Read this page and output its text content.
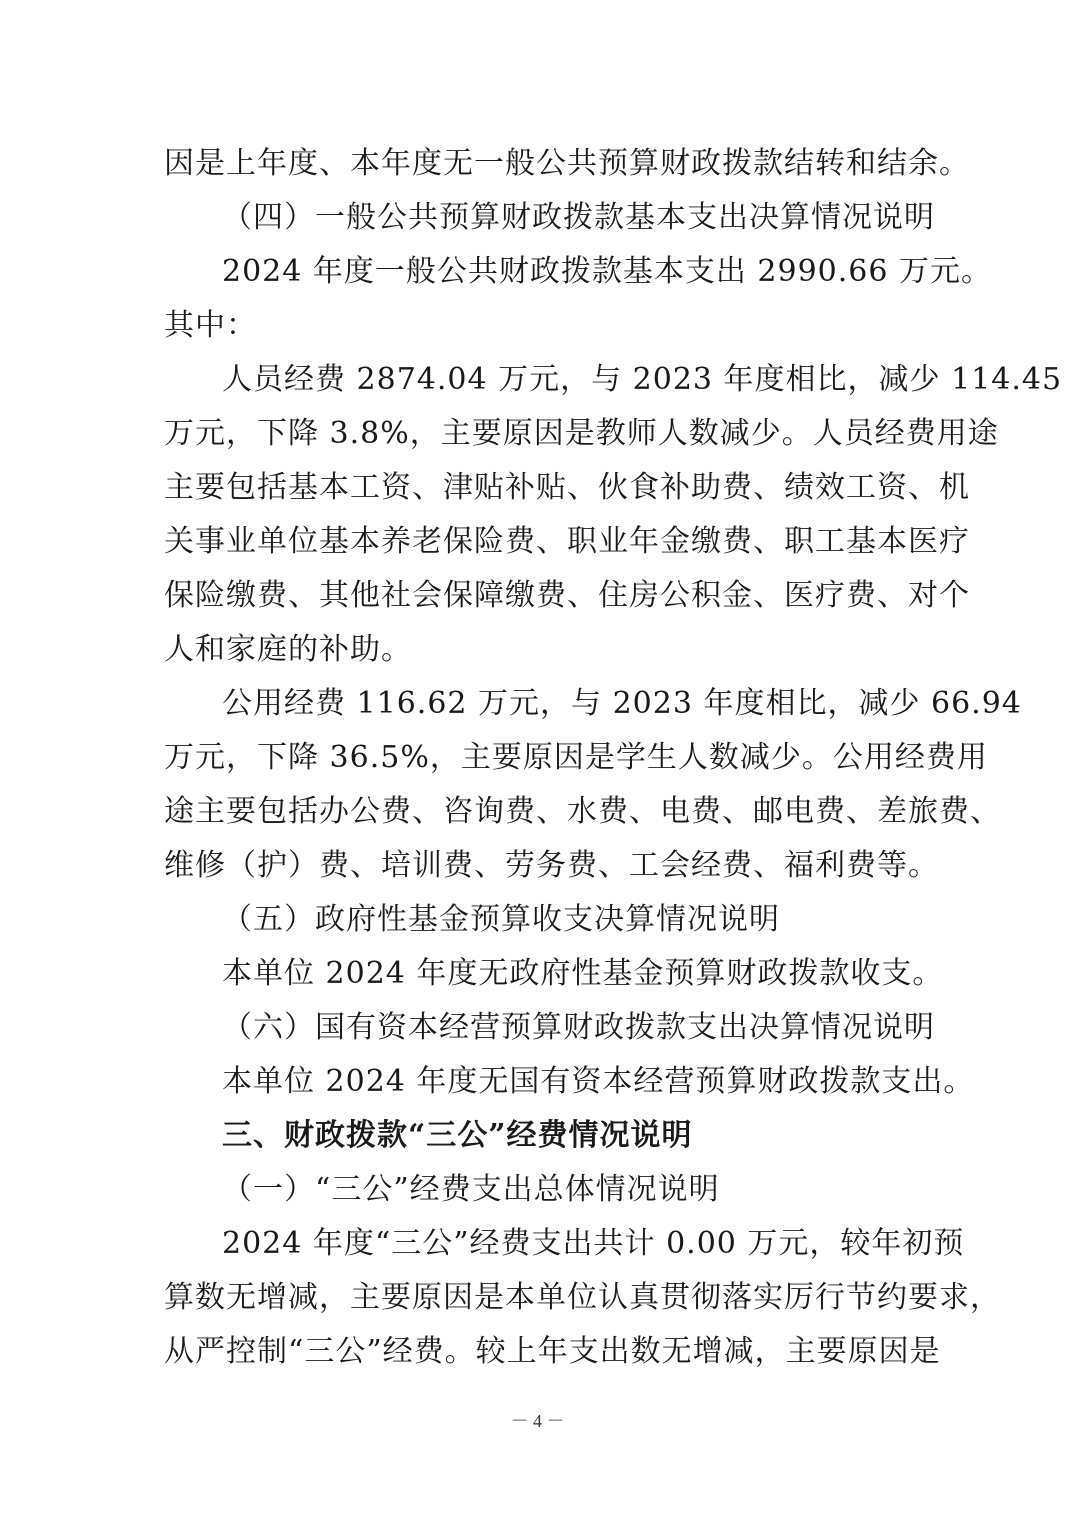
因是上年度、本年度无一般公共预算财政拨款结转和结余。
（四）一般公共预算财政拨款基本支出决算情况说明
2024 年度一般公共财政拨款基本支出 2990.66 万元。
其中：
人员经费 2874.04 万元，与 2023 年度相比，减少 114.45
万元，下降 3.8%，主要原因是教师人数减少。人员经费用途
主要包括基本工资、津贴补贴、伙食补助费、绩效工资、机
关事业单位基本养老保险费、职业年金缴费、职工基本医疗
保险缴费、其他社会保障缴费、住房公积金、医疗费、对个
人和家庭的补助。
公用经费 116.62 万元，与 2023 年度相比，减少 66.94
万元，下降 36.5%，主要原因是学生人数减少。公用经费用
途主要包括办公费、咨询费、水费、电费、邮电费、差旅费、
维修（护）费、培训费、劳务费、工会经费、福利费等。
（五）政府性基金预算收支决算情况说明
本单位 2024 年度无政府性基金预算财政拨款收支。
（六）国有资本经营预算财政拨款支出决算情况说明
本单位 2024 年度无国有资本经营预算财政拨款支出。
三、财政拨款“三公”经费情况说明
（一）“三公”经费支出总体情况说明
2024 年度“三公”经费支出共计 0.00 万元，较年初预
算数无增减，主要原因是本单位认真贯彻落实厉行节约要求，
从严控制“三公”经费。较上年支出数无增减，主要原因是
－ 4 －
